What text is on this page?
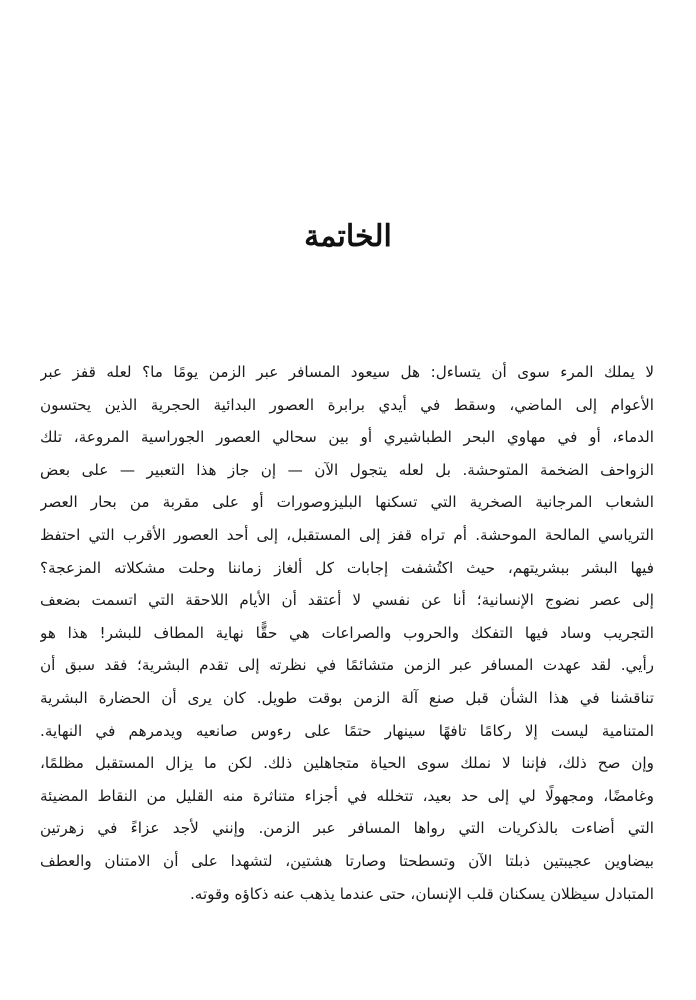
الخاتمة
لا يملك المرء سوى أن يتساءل: هل سيعود المسافر عبر الزمن يومًا ما؟ لعله قفز عبر
الأعوام إلى الماضي، وسقط في أيدي برابرة العصور البدائية الحجرية الذين يحتسون
الدماء، أو في مهاوي البحر الطباشيري أو بين سحالي العصور الجوراسية المروعة، تلك
الزواحف الضخمة المتوحشة. بل لعله يتجول الآن — إن جاز هذا التعبير — على بعض
الشعاب المرجانية الصخرية التي تسكنها البليزوصورات أو على مقربة من بحار العصر
الترياسي المالحة الموحشة. أم تراه قفز إلى المستقبل، إلى أحد العصور الأقرب التي احتفظ
فيها البشر ببشريتهم، حيث اكتُشفت إجابات كل ألغاز زماننا وحلت مشكلاته المزعجة؟
إلى عصر نضوج الإنسانية؛ أنا عن نفسي لا أعتقد أن الأيام اللاحقة التي اتسمت بضعف
التجريب وساد فيها التفكك والحروب والصراعات هي حقًّا نهاية المطاف للبشر! هذا هو
رأيي. لقد عهدت المسافر عبر الزمن متشائمًا في نظرته إلى تقدم البشرية؛ فقد سبق أن
تناقشنا في هذا الشأن قبل صنع آلة الزمن بوقت طويل. كان يرى أن الحضارة البشرية
المتنامية ليست إلا ركامًا تافهًا سينهار حتمًا على رءوس صانعيه ويدمرهم في النهاية.
وإن صح ذلك، فإننا لا نملك سوى الحياة متجاهلين ذلك. لكن ما يزال المستقبل مظلمًا،
وغامضًا، ومجهولًا لي إلى حد بعيد، تتخلله في أجزاء متناثرة منه القليل من النقاط المضيئة
التي أضاءت بالذكريات التي رواها المسافر عبر الزمن. وإنني لأجد عزاءً في زهرتين
بيضاوين عجيبتين ذبلتا الآن وتسطحتا وصارتا هشتين، لتشهدا على أن الامتنان والعطف
المتبادل سيظلان يسكنان قلب الإنسان، حتى عندما يذهب عنه ذكاؤه وقوته.
